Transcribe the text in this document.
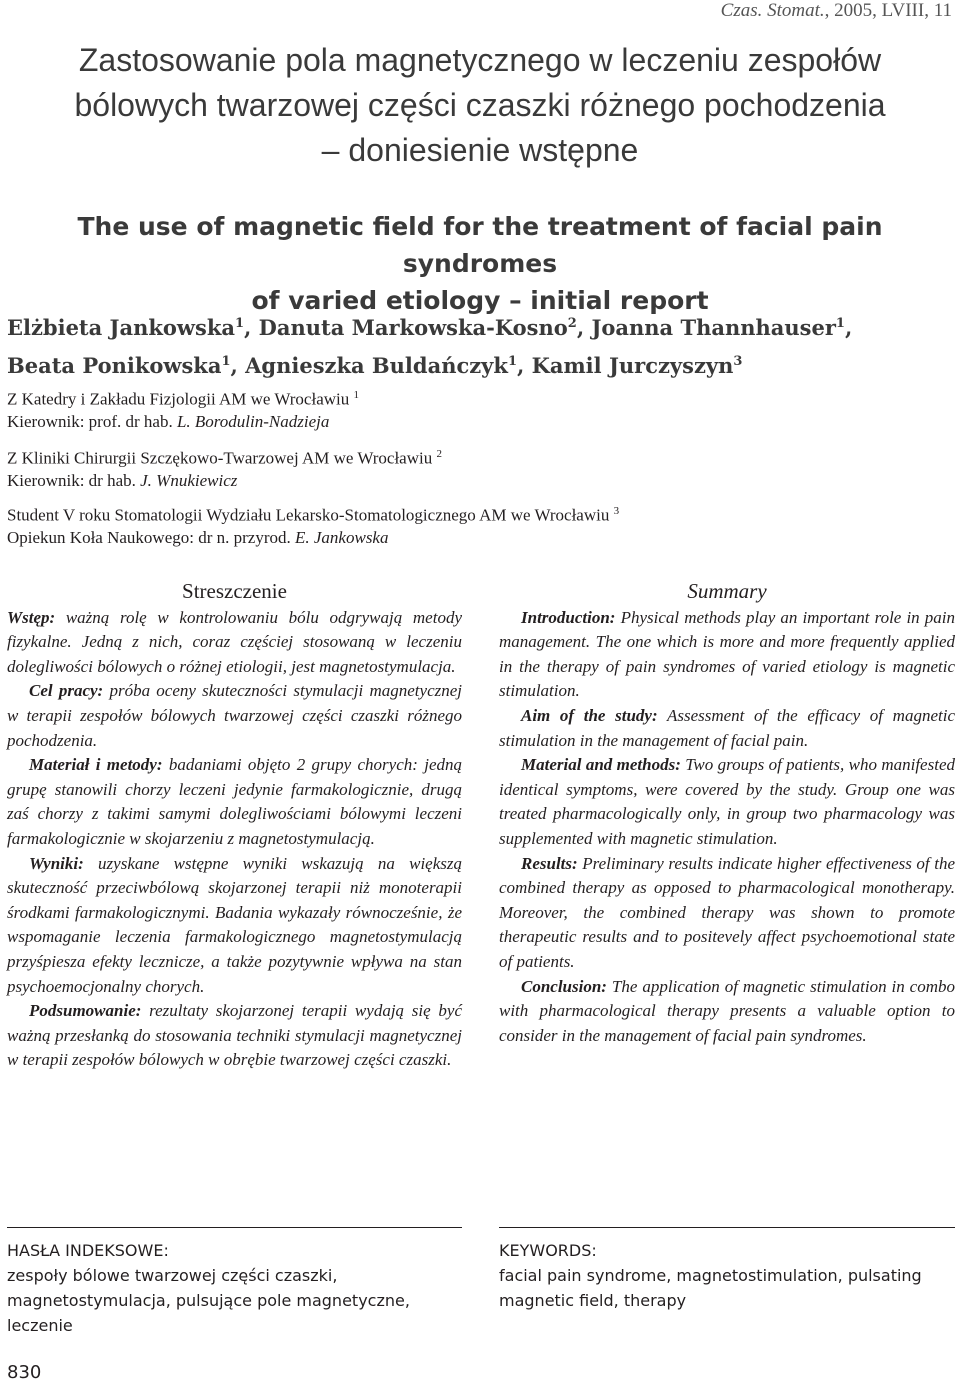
Czas. Stomat., 2005, LVIII, 11
Zastosowanie pola magnetycznego w leczeniu zespołów
bólowych twarzowej części czaszki różnego pochodzenia
– doniesienie wstępne
The use of magnetic field for the treatment of facial pain syndromes
of varied etiology – initial report
Elżbieta Jankowska$^1$, Danuta Markowska-Kosno$^2$, Joanna Thannhauser$^1$,
Beata Ponikowska$^1$, Agnieszka Buldańczyk$^1$, Kamil Jurczyszyn$^3$
Z Katedry i Zakładu Fizjologii AM we Wrocławiu $^1$
Kierownik: prof. dr hab. L. Borodulin-Nadzieja
Z Kliniki Chirurgii Szczękowo-Twarzowej AM we Wrocławiu $^2$
Kierownik: dr hab. J. Wnukiewicz
Student V roku Stomatologii Wydziału Lekarsko-Stomatologicznego AM we Wrocławiu $^3$
Opiekun Koła Naukowego: dr n. przyrod. E. Jankowska
Streszczenie

Wstęp: ważną rolę w kontrolowaniu bólu odgrywają metody fizykalne. Jedną z nich, coraz częściej stosowaną w leczeniu dolegliwości bólowych o różnej etiologii, jest magnetostymulacja.

Cel pracy: próba oceny skuteczności stymulacji magnetycznej w terapii zespołów bólowych twarzowej części czaszki różnego pochodzenia.

Materiał i metody: badaniami objęto 2 grupy chorych: jedną grupę stanowili chorzy leczeni jedynie farmakologicznie, drugą zaś chorzy z takimi samymi dolegliwościami bólowymi leczeni farmakologicznie w skojarzeniu z magnetostymulacją.

Wyniki: uzyskane wstępne wyniki wskazują na większą skuteczność przeciwbólową skojarzonej terapii niż monoterapii środkami farmakologicznymi. Badania wykazały równocześnie, że wspomaganie leczenia farmakologicznego magnetostymulacją przyśpiesza efekty lecznicze, a także pozytywnie wpływa na stan psychoemocjonalny chorych.

Podsumowanie: rezultaty skojarzonej terapii wydają się być ważną przesłanką do stosowania techniki stymulacji magnetycznej w terapii zespołów bólowych w obrębie twarzowej części czaszki.

Summary

Introduction: Physical methods play an important role in pain management. The one which is more and more frequently applied in the therapy of pain syndromes of varied etiology is magnetic stimulation.

Aim of the study: Assessment of the efficacy of magnetic stimulation in the management of facial pain.

Material and methods: Two groups of patients, who manifested identical symptoms, were covered by the study. Group one was treated pharmacologically only, in group two pharmacology was supplemented with magnetic stimulation.

Results: Preliminary results indicate higher effectiveness of the combined therapy as opposed to pharmacological monotherapy. Moreover, the combined therapy was shown to promote therapeutic results and to positevely affect psychoemotional state of patients.

Conclusion: The application of magnetic stimulation in combo with pharmacological therapy presents a valuable option to consider in the management of facial pain syndromes.

HASŁA INDEKSOWE:
zespoły bólowe twarzowej części czaszki, magnetostymulacja, pulsujące pole magnetyczne, leczenie
KEYWORDS:
facial pain syndrome, magnetostimulation, pulsating magnetic field, therapy
830
